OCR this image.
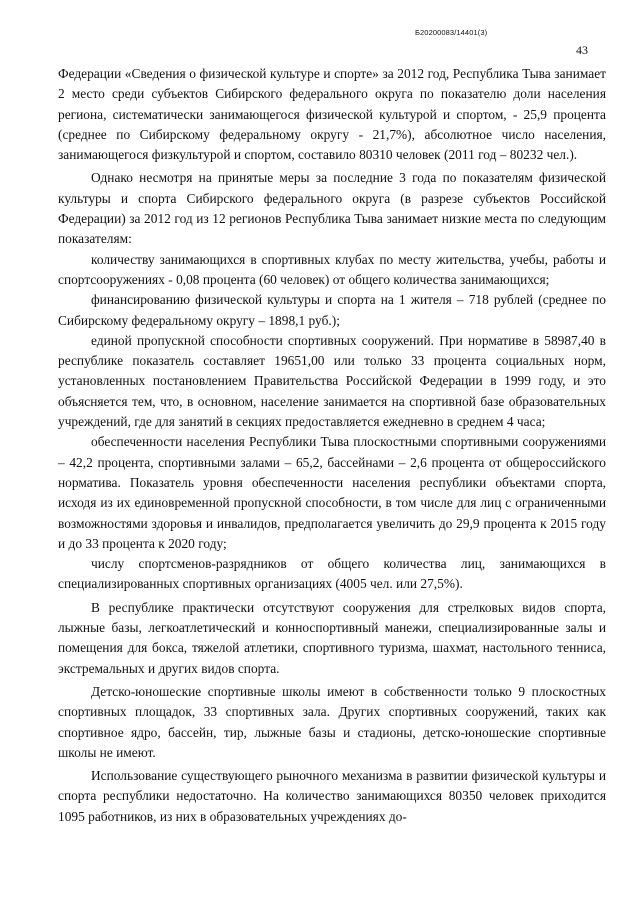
Б20200083/14401(3)
43

Федерации «Сведения о физической культуре и спорте» за 2012 год, Республика Тыва занимает 2 место среди субъектов Сибирского федерального округа по показателю доли населения региона, систематически занимающегося физической культурой и спортом, - 25,9 процента (среднее по Сибирскому федеральному округу - 21,7%), абсолютное число населения, занимающегося физкультурой и спортом, составило 80310 человек (2011 год – 80232 чел.).

Однако несмотря на принятые меры за последние 3 года по показателям физической культуры и спорта Сибирского федерального округа (в разрезе субъектов Российской Федерации) за 2012 год из 12 регионов Республика Тыва занимает низкие места по следующим показателям:

количеству занимающихся в спортивных клубах по месту жительства, учебы, работы и спортсооружениях - 0,08 процента (60 человек) от общего количества занимающихся;

финансированию физической культуры и спорта на 1 жителя – 718 рублей (среднее по Сибирскому федеральному округу – 1898,1 руб.);

единой пропускной способности спортивных сооружений. При нормативе в 58987,40 в республике показатель составляет 19651,00 или только 33 процента социальных норм, установленных постановлением Правительства Российской Федерации в 1999 году, и это объясняется тем, что, в основном, население занимается на спортивной базе образовательных учреждений, где для занятий в секциях предоставляется ежедневно в среднем 4 часа;

обеспеченности населения Республики Тыва плоскостными спортивными сооружениями – 42,2 процента, спортивными залами – 65,2, бассейнами – 2,6 процента от общероссийского норматива. Показатель уровня обеспеченности населения республики объектами спорта, исходя из их единовременной пропускной способности, в том числе для лиц с ограниченными возможностями здоровья и инвалидов, предполагается увеличить до 29,9 процента к 2015 году и до 33 процента к 2020 году;

числу спортсменов-разрядников от общего количества лиц, занимающихся в специализированных спортивных организациях (4005 чел. или 27,5%).

В республике практически отсутствуют сооружения для стрелковых видов спорта, лыжные базы, легкоатлетический и конноспортивный манежи, специализированные залы и помещения для бокса, тяжелой атлетики, спортивного туризма, шахмат, настольного тенниса, экстремальных и других видов спорта.

Детско-юношеские спортивные школы имеют в собственности только 9 плоскостных спортивных площадок, 33 спортивных зала. Других спортивных сооружений, таких как спортивное ядро, бассейн, тир, лыжные базы и стадионы, детско-юношеские спортивные школы не имеют.

Использование существующего рыночного механизма в развитии физической культуры и спорта республики недостаточно. На количество занимающихся 80350 человек приходится 1095 работников, из них в образовательных учреждениях до-
